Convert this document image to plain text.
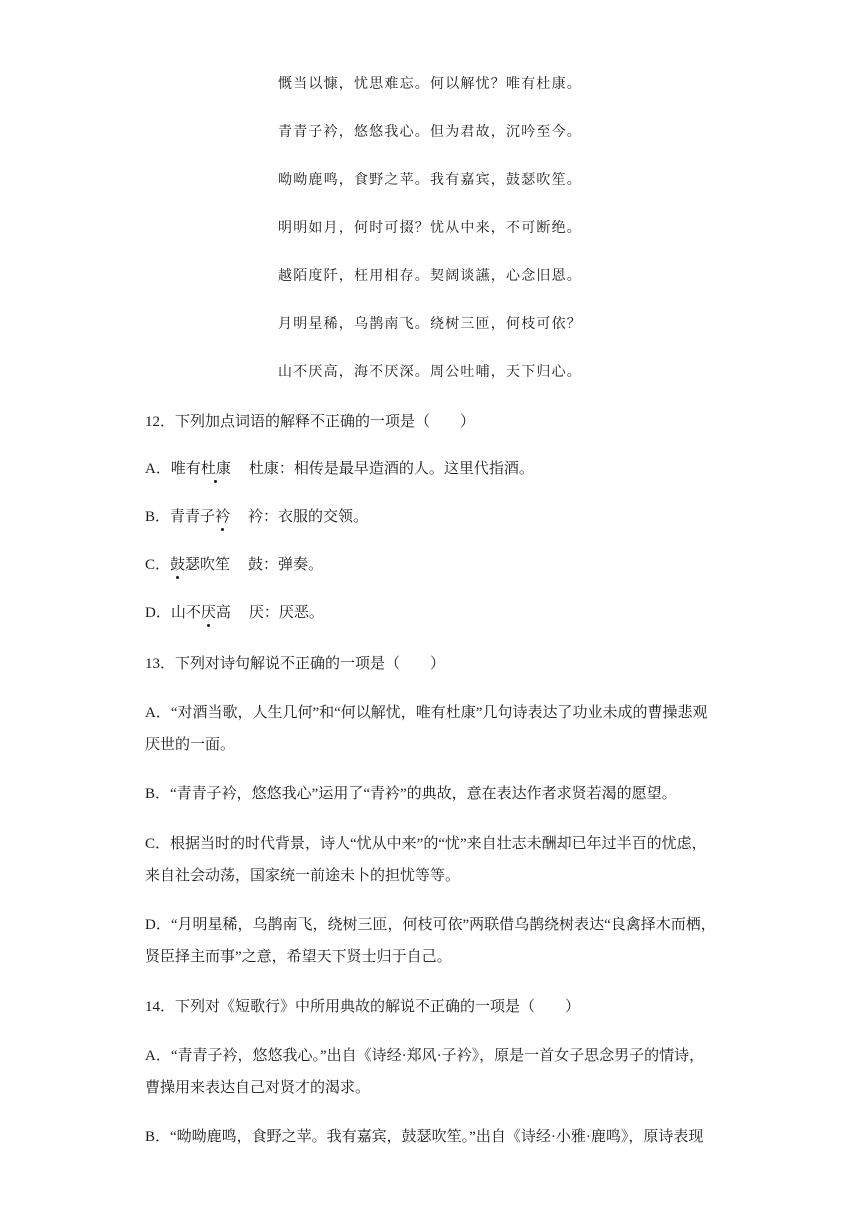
慨当以慷，忧思难忘。何以解忧？唯有杜康。
青青子衿，悠悠我心。但为君故，沉吟至今。
呦呦鹿鸣，食野之苹。我有嘉宾，鼓瑟吹笙。
明明如月，何时可掇？忧从中来，不可断绝。
越陌度阡，枉用相存。契阔谈讌，心念旧恩。
月明星稀，乌鹊南飞。绕树三匝，何枝可依？
山不厌高，海不厌深。周公吐哺，天下归心。
12．下列加点词语的解释不正确的一项是（　　）
A．唯有杜康 杜康：相传是最早造酒的人。这里代指酒。
B．青青子衿 衿：衣服的交领。
C．鼓瑟吹笙 鼓：弹奏。
D．山不厌高 厌：厌恶。
13．下列对诗句解说不正确的一项是（　　）
A．“对酒当歌，人生几何”和“何以解忧，唯有杜康”几句诗表达了功业未成的曹操悲观
厌世的一面。
B．“青青子衿，悠悠我心”运用了“青衿”的典故，意在表达作者求贤若渴的愿望。
C．根据当时的时代背景，诗人“忧从中来”的“忧”来自壮志未酬却已年过半百的忧虑，
来自社会动荡，国家统一前途未卜的担忧等等。
D．“月明星稀，乌鹊南飞，绕树三匝，何枝可依”两联借乌鹊绕树表达“良禽择木而栖，
贤臣择主而事”之意，希望天下贤士归于自己。
14．下列对《短歌行》中所用典故的解说不正确的一项是（　　）
A．“青青子衿，悠悠我心。”出自《诗经·郑风·子衿》，原是一首女子思念男子的情诗，
曹操用来表达自己对贤才的渴求。
B．“呦呦鹿鸣，食野之苹。我有嘉宾，鼓瑟吹笙。”出自《诗经·小雅·鹿鸣》，原诗表现
